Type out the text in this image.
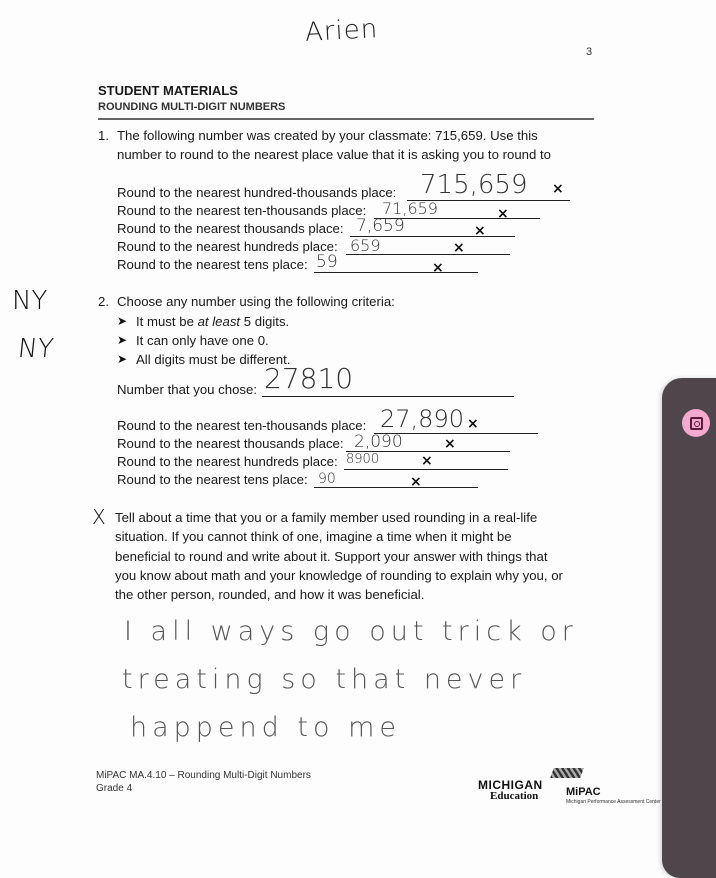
Arien
3
STUDENT MATERIALS
ROUNDING MULTI-DIGIT NUMBERS
1. The following number was created by your classmate: 715,659. Use this
number to round to the nearest place value that it is asking you to round to
Round to the nearest hundred-thousands place: 715,659 ×
Round to the nearest ten-thousands place: 71,659	×
Round to the nearest thousands place: 7,659	×
Round to the nearest hundreds place: 659	×
Round to the nearest tens place: 59	×
NY
NY
2. Choose any number using the following criteria:
➤ It must be at least 5 digits.
➤ It can only have one 0.
➤ All digits must be different.
Number that you chose: 27810
Round to the nearest ten-thousands place: 27,890 ×
Round to the nearest thousands place: 2,090	×
Round to the nearest hundreds place: 8900	×
Round to the nearest tens place: 90	×
X Tell about a time that you or a family member used rounding in a real-life
situation. If you cannot think of one, imagine a time when it might be
beneficial to round and write about it. Support your answer with things that
you know about math and your knowledge of rounding to explain why you, or
the other person, rounded, and how it was beneficial.
I all ways go out trick or
treating so that never
happend to me
MiPAC MA.4.10 – Rounding Multi-Digit Numbers
Grade 4	MICHIGAN
Education	MiPAC
Michigan Performance Assessment Center
